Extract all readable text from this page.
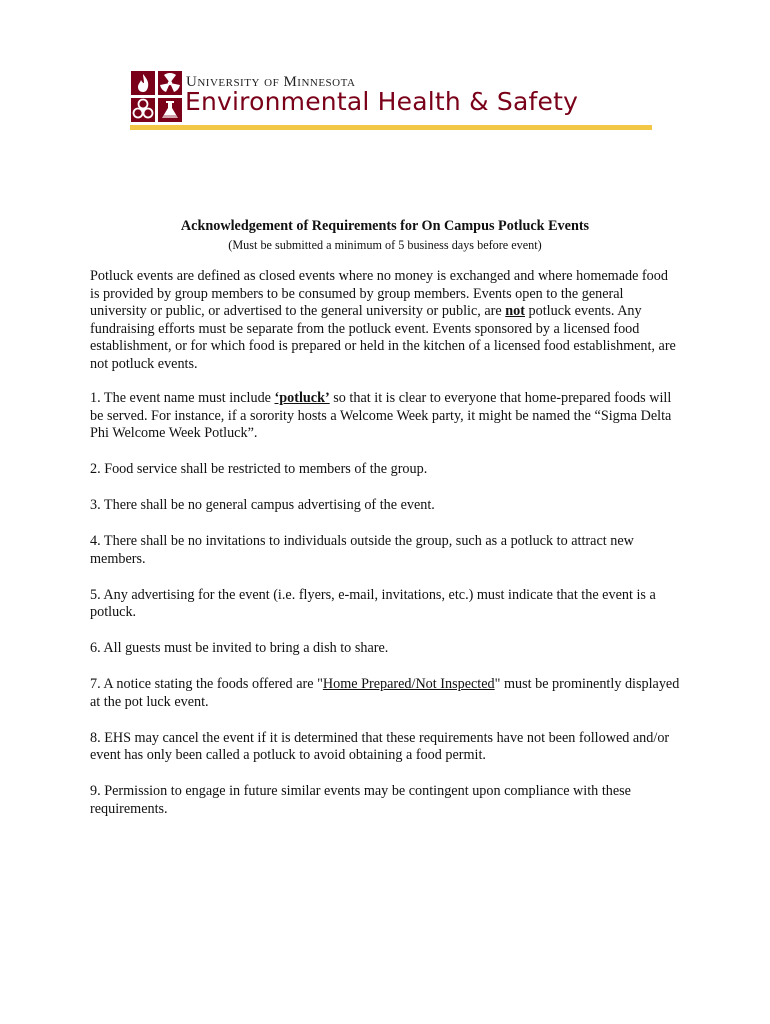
University of Minnesota
Environmental Health & Safety
Acknowledgement of Requirements for On Campus Potluck Events
(Must be submitted a minimum of 5 business days before event)

Potluck events are defined as closed events where no money is exchanged and where homemade food is provided by group members to be consumed by group members. Events open to the general university or public, or advertised to the general university or public, are not potluck events. Any fundraising efforts must be separate from the potluck event. Events sponsored by a licensed food establishment, or for which food is prepared or held in the kitchen of a licensed food establishment, are not potluck events.

1. The event name must include ‘potluck’ so that it is clear to everyone that home-prepared foods will be served. For instance, if a sorority hosts a Welcome Week party, it might be named the “Sigma Delta Phi Welcome Week Potluck”.

2. Food service shall be restricted to members of the group.

3. There shall be no general campus advertising of the event.

4. There shall be no invitations to individuals outside the group, such as a potluck to attract new members.

5. Any advertising for the event (i.e. flyers, e-mail, invitations, etc.) must indicate that the event is a potluck.

6. All guests must be invited to bring a dish to share.

7. A notice stating the foods offered are "Home Prepared/Not Inspected" must be prominently displayed at the pot luck event.

8. EHS may cancel the event if it is determined that these requirements have not been followed and/or event has only been called a potluck to avoid obtaining a food permit.

9. Permission to engage in future similar events may be contingent upon compliance with these requirements.
